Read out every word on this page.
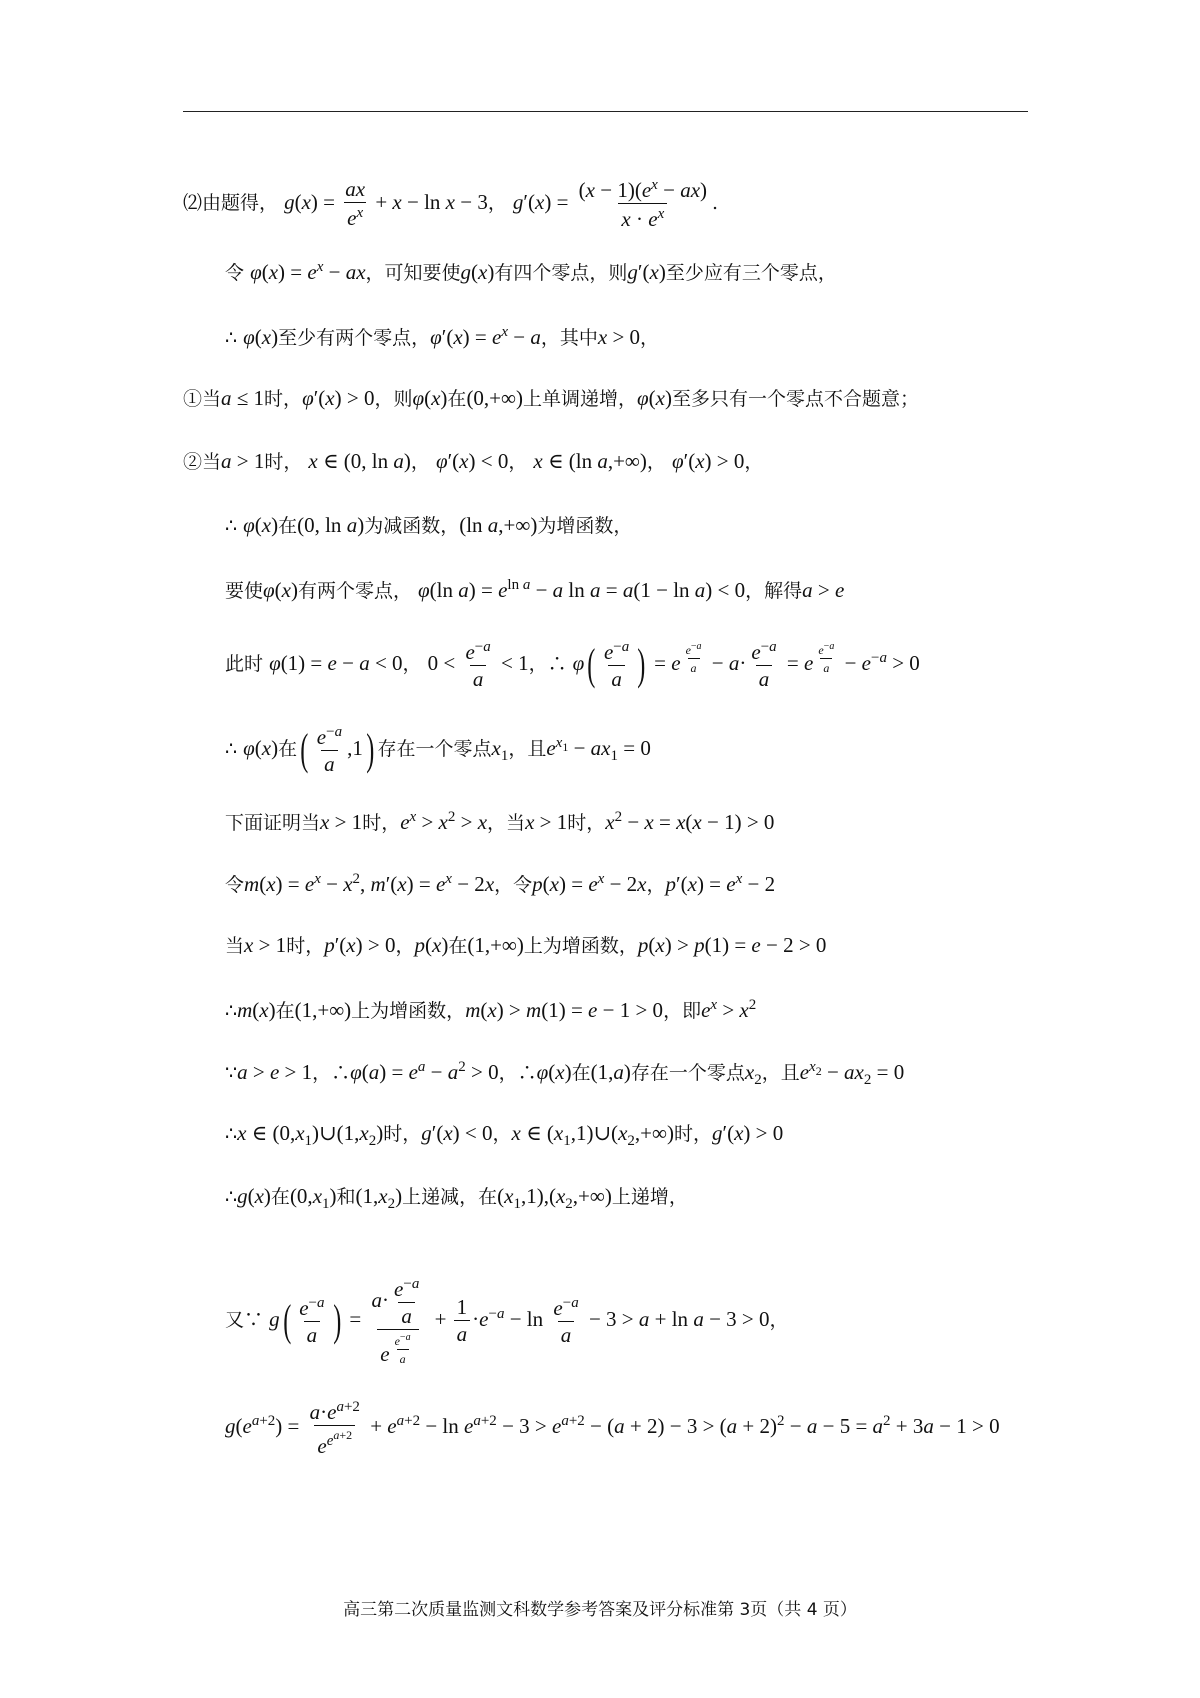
⑵由题得， $g(x) = \frac{ax}{e^x} + x - \ln x - 3$， $g'(x) = \frac{(x - 1)(e^x - ax)}{x \cdot e^x}$ .
令 $\varphi(x) = e^x$ − ax，可知要使g(x)有四个零点，则g′(x)至少应有三个零点，
∴ φ(x)至少有两个零点，$\varphi'(x) = e^x - a$，其中x > 0，
①当a ≤ 1时，φ′(x) > 0，则φ(x)在(0,+∞)上单调递增，φ(x)至多只有一个零点不合题意；
②当a > 1时， x ∈ (0, ln a)， φ′(x) < 0， x ∈ (ln a,+∞)， φ′(x) > 0，
∴ φ(x)在(0, ln a)为减函数，(ln a,+∞)为增函数，
要使φ(x)有两个零点， φ(ln $a) = e^{ln a} - a$ ln a = a(1 − ln a) < 0，解得a > e
此时 φ(1) = e − a < 0， $0 < \frac{e^{-a}}{a} < 1$，∴ $\varphi( \frac{e^{-a}}{a}$ ) = e $^{\frac{e^{-a}}{a}} - a\cdot \frac{e^{-a}}{a} = e$ $^{\frac{e^{-a}}{a}} - e^{-a} > 0$
∴ φ(x)在( $\frac{e^{-a}}{a} ,1$) 存在一个零点$x_1$，且$e^{x_1} - ax_1 = 0$
下面证明当x > 1时，$e^x > x^2 > x$，当x > 1时，$x^2 - x = x(x - 1) > 0$
令$m(x) = e^x - x^2$, $m'(x) = e^x - 2x$，令$p(x) = e^x - 2x$，$p'(x) = e^x - 2$
当x > 1时，p′(x) > 0，p(x)在(1,+∞)上为增函数，p(x) > p(1) = e − 2 > 0
∴m(x)在(1,+∞)上为增函数，m(x) > m(1) = e − 1 > 0，即$e^x > x^2$
∵a > e > 1，∴φ(a) = $e^a - a^2 > 0$，∴φ(x)在(1,a)存在一个零点$x_2$，且$e^{x_2} - ax_2 = 0$
∴x ∈ $(0,x_1)\cup(1,x_2)$时，g′(x) < 0，x ∈ $(x_1,1)\cup(x_2,+\infty)$时，g′(x) > 0
∴g(x)在$(0,x_1)$和$(1,x_2)$上递减，在$(x_1,1),(x_2,+\infty)$上递增，
又∵ $g( \frac{e^{-a}}{a}$ ) = $a\cdot \frac{e^{-a}}{a}$
e $^{\frac{e^{-a}}{a}} + \frac{1}{a} \cdot e^{-a} - \ln \frac{e^{-a}}{a} - 3 > a + \ln a - 3 > 0$，
$g(e^{a+2})$ =
$a\cdot e^{a+2}$
$e^{e^{a+2}} + e^{a+2} - \ln e^{a+2} - 3 > e^{a+2} - (a + 2) - 3 > (a + 2)^2 - a - 5 = a^2 + 3a - 1 > 0$
高三第二次质量监测文科数学参考答案及评分标准第 3页（共 4 页）
